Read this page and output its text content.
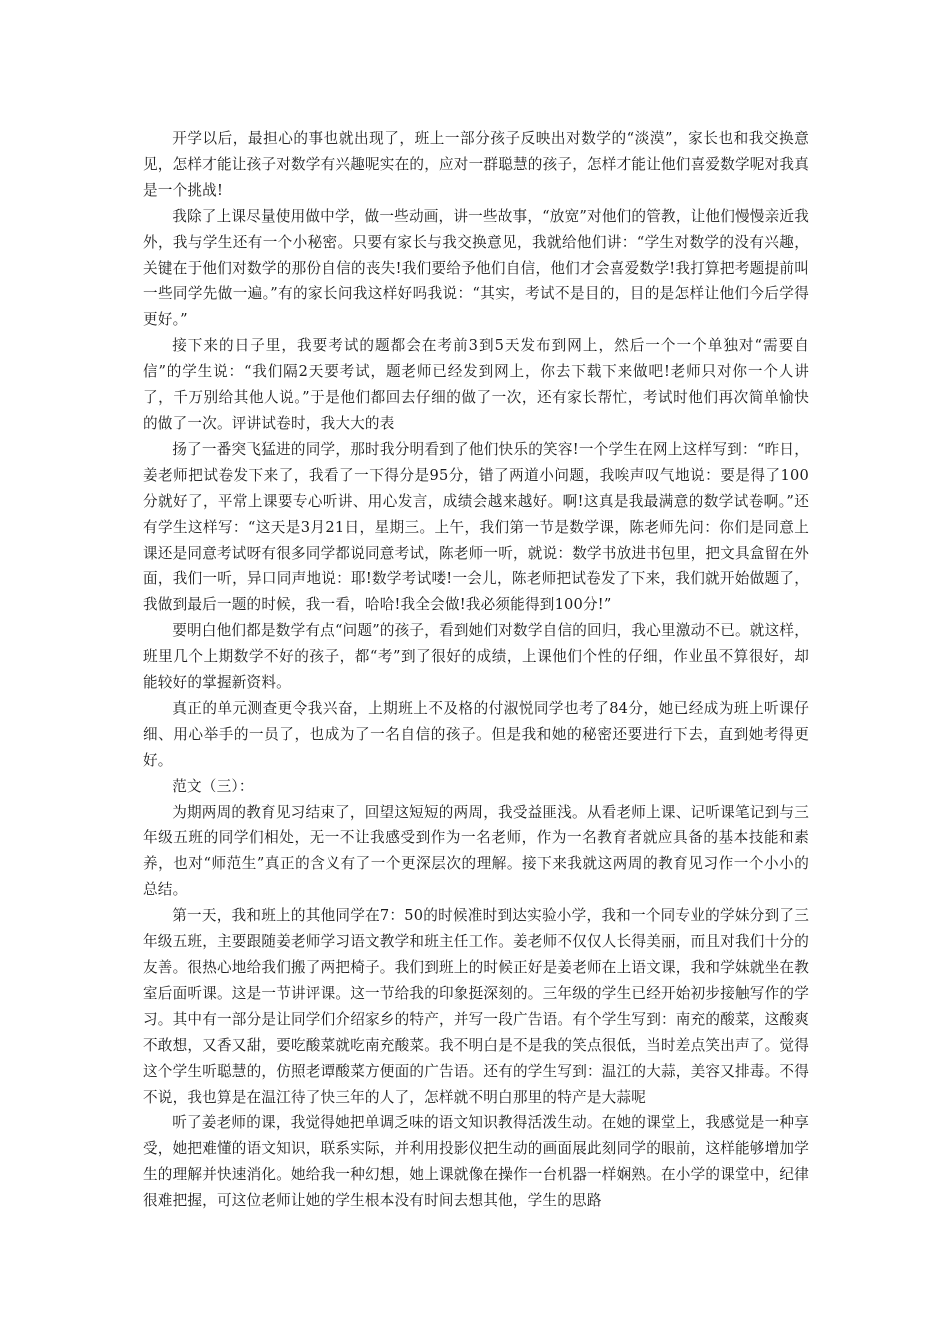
开学以后，最担心的事也就出现了，班上一部分孩子反映出对数学的“淡漠”，家长也和我交换意见，怎样才能让孩子对数学有兴趣呢实在的，应对一群聪慧的孩子，怎样才能让他们喜爱数学呢对我真是一个挑战!

我除了上课尽量使用做中学，做一些动画，讲一些故事，“放宽”对他们的管教，让他们慢慢亲近我外，我与学生还有一个小秘密。只要有家长与我交换意见，我就给他们讲：“学生对数学的没有兴趣，关键在于他们对数学的那份自信的丧失!我们要给予他们自信，他们才会喜爱数学!我打算把考题提前叫一些同学先做一遍。”有的家长问我这样好吗我说：“其实，考试不是目的，目的是怎样让他们今后学得更好。”

接下来的日子里，我要考试的题都会在考前3到5天发布到网上，然后一个一个单独对“需要自信”的学生说：“我们隔2天要考试，题老师已经发到网上，你去下载下来做吧!老师只对你一个人讲了，千万别给其他人说。”于是他们都回去仔细的做了一次，还有家长帮忙，考试时他们再次简单愉快的做了一次。评讲试卷时，我大大的表

扬了一番突飞猛进的同学，那时我分明看到了他们快乐的笑容!一个学生在网上这样写到：“昨日，姜老师把试卷发下来了，我看了一下得分是95分，错了两道小问题，我唉声叹气地说：要是得了100分就好了，平常上课要专心听讲、用心发言，成绩会越来越好。啊!这真是我最满意的数学试卷啊。”还有学生这样写：“这天是3月21日，星期三。上午，我们第一节是数学课，陈老师先问：你们是同意上课还是同意考试呀有很多同学都说同意考试，陈老师一听，就说：数学书放进书包里，把文具盒留在外面，我们一听，异口同声地说：耶!数学考试喽!一会儿，陈老师把试卷发了下来，我们就开始做题了，我做到最后一题的时候，我一看，哈哈!我全会做!我必须能得到100分!”

要明白他们都是数学有点“问题”的孩子，看到她们对数学自信的回归，我心里激动不已。就这样，班里几个上期数学不好的孩子，都“考”到了很好的成绩，上课他们个性的仔细，作业虽不算很好，却能较好的掌握新资料。

真正的单元测查更令我兴奋，上期班上不及格的付淑悦同学也考了84分，她已经成为班上听课仔细、用心举手的一员了，也成为了一名自信的孩子。但是我和她的秘密还要进行下去，直到她考得更好。

范文（三）：

为期两周的教育见习结束了，回望这短短的两周，我受益匪浅。从看老师上课、记听课笔记到与三年级五班的同学们相处，无一不让我感受到作为一名老师，作为一名教育者就应具备的基本技能和素养，也对“师范生”真正的含义有了一个更深层次的理解。接下来我就这两周的教育见习作一个小小的总结。

第一天，我和班上的其他同学在7：50的时候准时到达实验小学，我和一个同专业的学妹分到了三年级五班，主要跟随姜老师学习语文教学和班主任工作。姜老师不仅仅人长得美丽，而且对我们十分的友善。很热心地给我们搬了两把椅子。我们到班上的时候正好是姜老师在上语文课，我和学妹就坐在教室后面听课。这是一节讲评课。这一节给我的印象挺深刻的。三年级的学生已经开始初步接触写作的学习。其中有一部分是让同学们介绍家乡的特产，并写一段广告语。有个学生写到：南充的酸菜，这酸爽不敢想，又香又甜，要吃酸菜就吃南充酸菜。我不明白是不是我的笑点很低，当时差点笑出声了。觉得这个学生听聪慧的，仿照老谭酸菜方便面的广告语。还有的学生写到：温江的大蒜，美容又排毒。不得不说，我也算是在温江待了快三年的人了，怎样就不明白那里的特产是大蒜呢

听了姜老师的课，我觉得她把单调乏味的语文知识教得活泼生动。在她的课堂上，我感觉是一种享受，她把难懂的语文知识，联系实际，并利用投影仪把生动的画面展此刻同学的眼前，这样能够增加学生的理解并快速消化。她给我一种幻想，她上课就像在操作一台机器一样娴熟。在小学的课堂中，纪律很难把握，可这位老师让她的学生根本没有时间去想其他，学生的思路
